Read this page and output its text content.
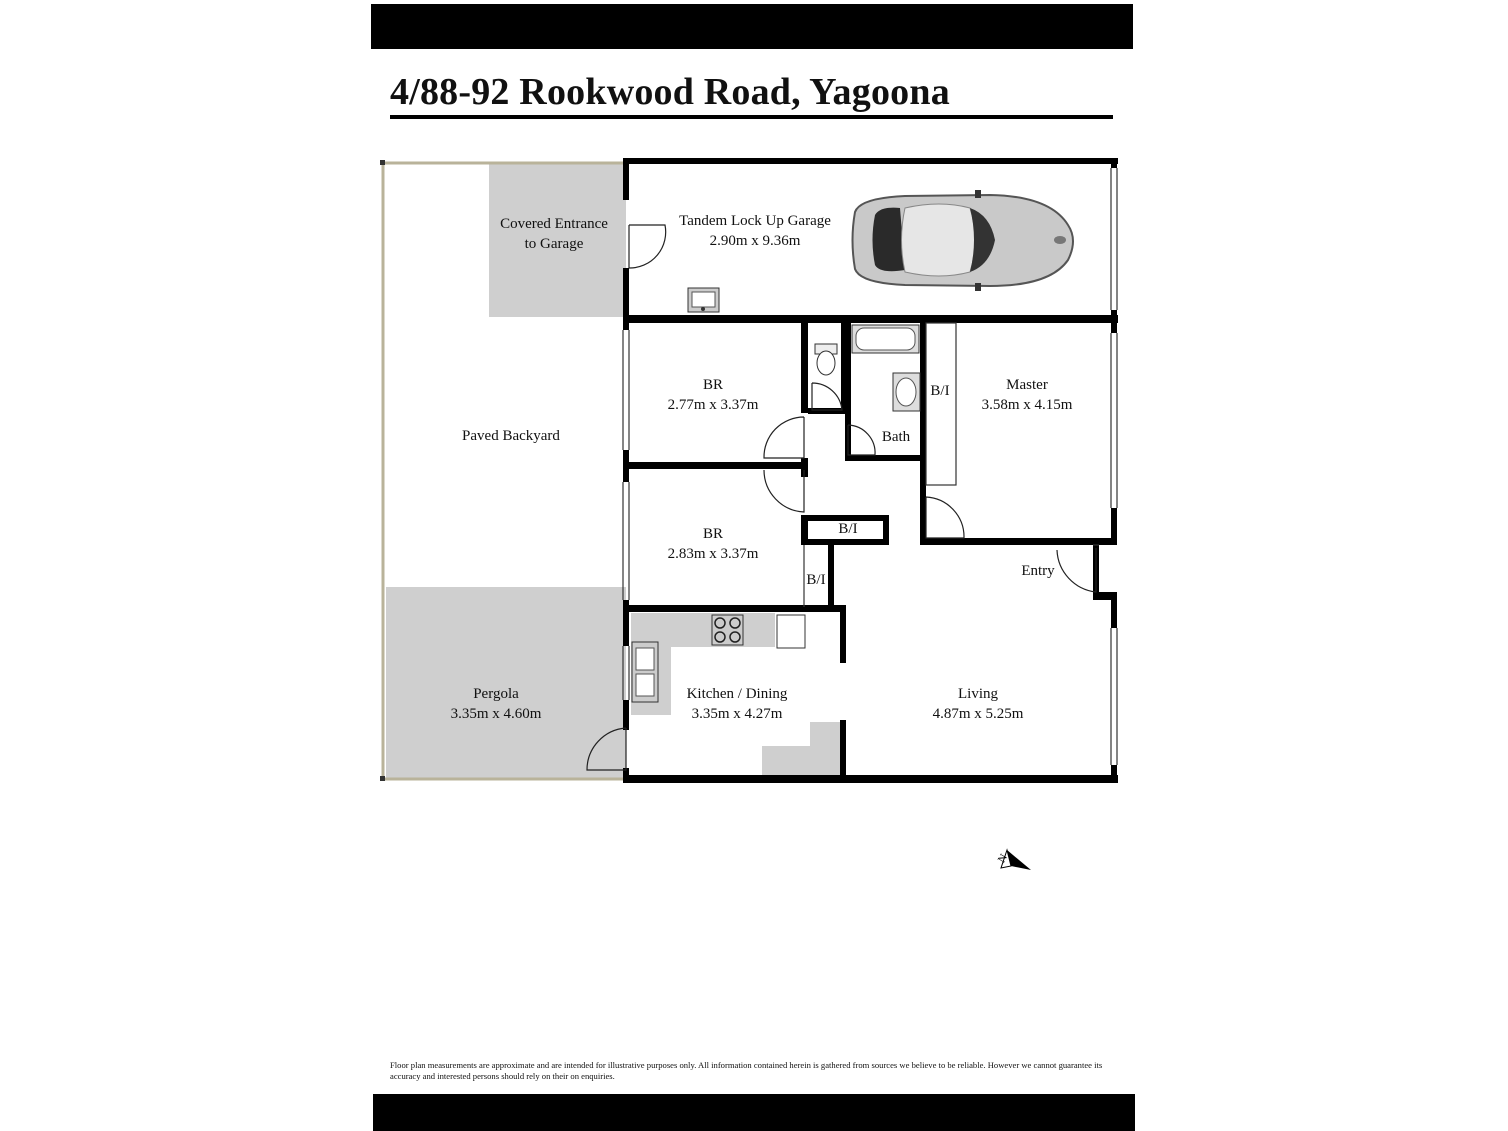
4/88-92 Rookwood Road, Yagoona
Covered Entrance
to Garage
Tandem Lock Up Garage
2.90m x 9.36m
Paved Backyard
BR
2.77m x 3.37m
Master
3.58m x 4.15m
B/I
Bath
B/I
BR
2.83m x 3.37m
B/I
Entry
Pergola
3.35m x 4.60m
Kitchen / Dining
3.35m x 4.27m
Living
4.87m x 5.25m
N
Floor plan measurements are approximate and are intended for illustrative purposes only. All information contained herein is gathered from sources we believe to be reliable. However we cannot guarantee its accuracy and interested persons should rely on their on enquiries.
